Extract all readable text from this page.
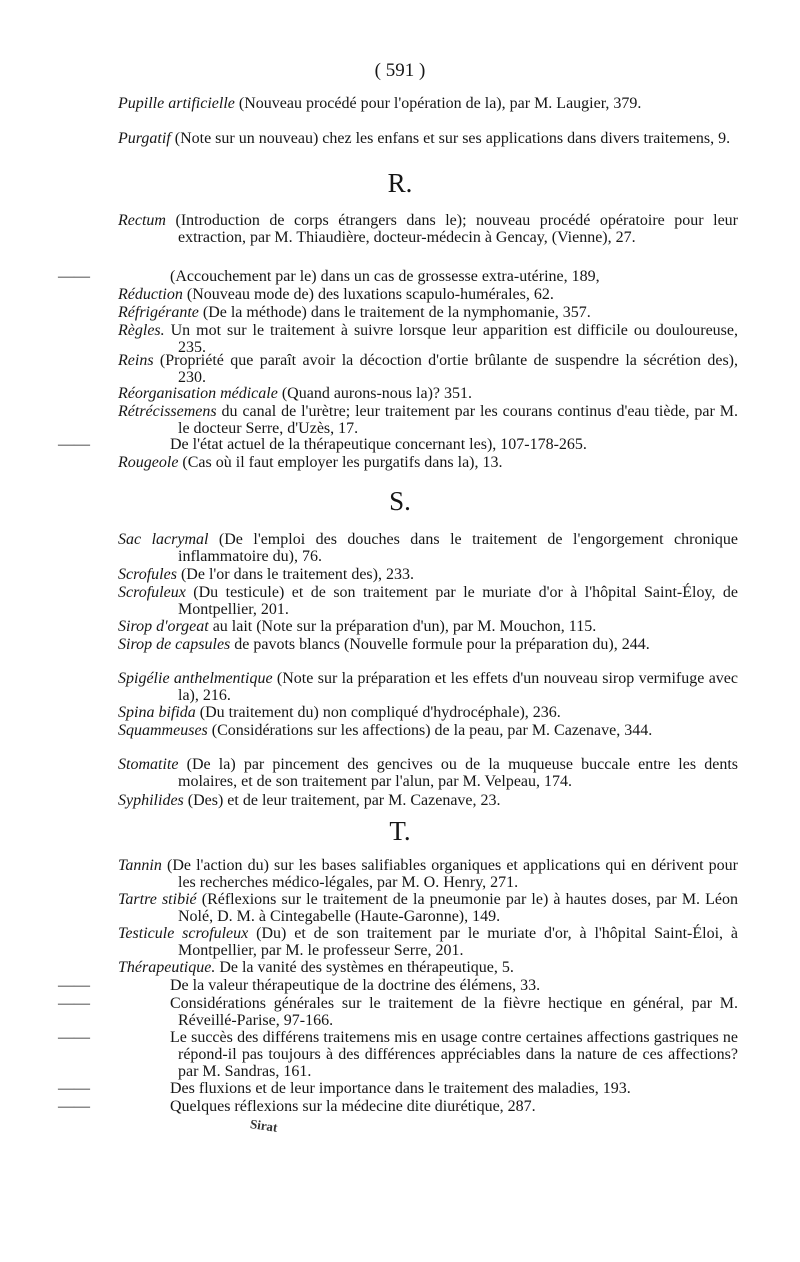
( 591 )
Pupille artificielle (Nouveau procédé pour l'opération de la), par M. Laugier, 379.
Purgatif (Note sur un nouveau) chez les enfans et sur ses applications dans divers traitemens, 9.
R.
Rectum (Introduction de corps étrangers dans le); nouveau procédé opératoire pour leur extraction, par M. Thiaudière, docteur-médecin à Gencay, (Vienne), 27.
——	(Accouchement par le) dans un cas de grossesse extra-utérine, 189,
Réduction (Nouveau mode de) des luxations scapulo-humérales, 62.
Réfrigérante (De la méthode) dans le traitement de la nymphomanie, 357.
Règles. Un mot sur le traitement à suivre lorsque leur apparition est difficile ou douloureuse, 235.
Reins (Propriété que paraît avoir la décoction d'ortie brûlante de suspendre la sécrétion des), 230.
Réorganisation médicale (Quand aurons-nous la)? 351.
Rétrécissemens du canal de l'urètre; leur traitement par les courans continus d'eau tiède, par M. le docteur Serre, d'Uzès, 17.
——	De l'état actuel de la thérapeutique concernant les), 107-178-265.
Rougeole (Cas où il faut employer les purgatifs dans la), 13.
S.
Sac lacrymal (De l'emploi des douches dans le traitement de l'engorgement chronique inflammatoire du), 76.
Scrofules (De l'or dans le traitement des), 233.
Scrofuleux (Du testicule) et de son traitement par le muriate d'or à l'hôpital Saint-Éloy, de Montpellier, 201.
Sirop d'orgeat au lait (Note sur la préparation d'un), par M. Mouchon, 115.
Sirop de capsules de pavots blancs (Nouvelle formule pour la préparation du), 244.
Spigélie anthelmentique (Note sur la préparation et les effets d'un nouveau sirop vermifuge avec la), 216.
Spina bifida (Du traitement du) non compliqué d'hydrocéphale), 236.
Squammeuses (Considérations sur les affections) de la peau, par M. Cazenave, 344.
Stomatite (De la) par pincement des gencives ou de la muqueuse buccale entre les dents molaires, et de son traitement par l'alun, par M. Velpeau, 174.
Syphilides (Des) et de leur traitement, par M. Cazenave, 23.
T.
Tannin (De l'action du) sur les bases salifiables organiques et applications qui en dérivent pour les recherches médico-légales, par M. O. Henry, 271.
Tartre stibié (Réflexions sur le traitement de la pneumonie par le) à hautes doses, par M. Léon Nolé, D. M. à Cintegabelle (Haute-Garonne), 149.
Testicule scrofuleux (Du) et de son traitement par le muriate d'or, à l'hôpital Saint-Éloi, à Montpellier, par M. le professeur Serre, 201.
Thérapeutique. De la vanité des systèmes en thérapeutique, 5.
——	De la valeur thérapeutique de la doctrine des élémens, 33.
——	Considérations générales sur le traitement de la fièvre hectique en général, par M. Réveillé-Parise, 97-166.
——	Le succès des différens traitemens mis en usage contre certaines affections gastriques ne répond-il pas toujours à des différences appréciables dans la nature de ces affections? par M. Sandras, 161.
——	Des fluxions et de leur importance dans le traitement des maladies, 193.
——	Quelques réflexions sur la médecine dite diurétique, 287.
Sirat
